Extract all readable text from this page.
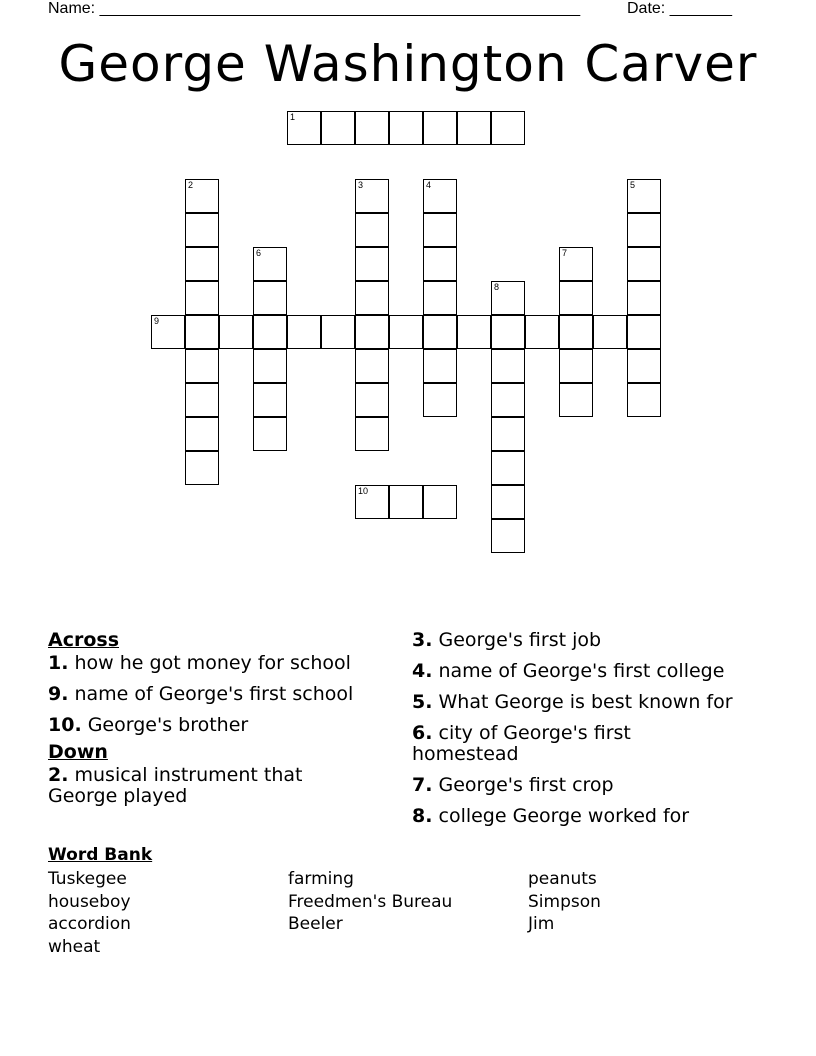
Name: ______________________________________________________	Date: _______
George Washington Carver
1
2	3	4	5
6	7
8
9
10
Across
1. how he got money for school
9. name of George's first school
10. George's brother
Down
2. musical instrument that George played
3. George's first job
4. name of George's first college
5. What George is best known for
6. city of George's first homestead
7. George's first crop
8. college George worked for
Word Bank
Tuskegee
houseboy
accordion
wheat
farming
Freedmen's Bureau
Beeler
peanuts
Simpson
Jim
